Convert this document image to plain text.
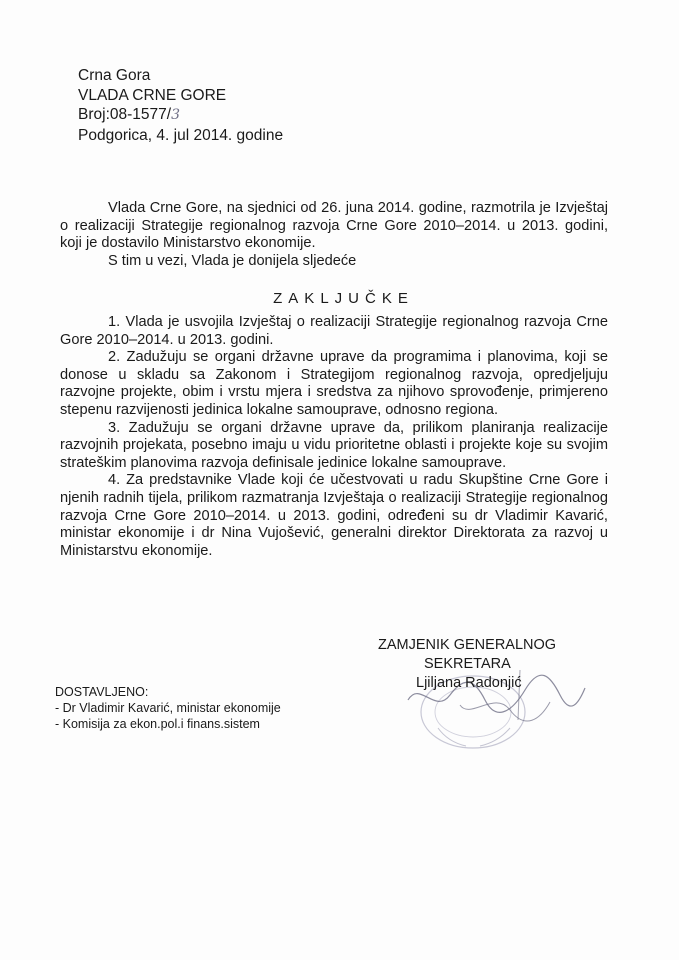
Crna Gora
VLADA CRNE GORE
Broj:08-1577/3
Podgorica, 4. jul 2014. godine

Vlada Crne Gore, na sjednici od 26. juna 2014. godine, razmotrila je Izvještaj o realizaciji Strategije regionalnog razvoja Crne Gore 2010–2014. u 2013. godini, koji je dostavilo Ministarstvo ekonomije.

S tim u vezi, Vlada je donijela sljedeće

ZAKLJUČKE

1. Vlada je usvojila Izvještaj o realizaciji Strategije regionalnog razvoja Crne Gore 2010–2014. u 2013. godini.

2. Zadužuju se organi državne uprave da programima i planovima, koji se donose u skladu sa Zakonom i Strategijom regionalnog razvoja, opredjeljuju razvojne projekte, obim i vrstu mjera i sredstva za njihovo sprovođenje, primjereno stepenu razvijenosti jedinica lokalne samouprave, odnosno regiona.

3. Zadužuju se organi državne uprave da, prilikom planiranja realizacije razvojnih projekata, posebno imaju u vidu prioritetne oblasti i projekte koje su svojim strateškim planovima razvoja definisale jedinice lokalne samouprave.

4. Za predstavnike Vlade koji će učestvovati u radu Skupštine Crne Gore i njenih radnih tijela, prilikom razmatranja Izvještaja o realizaciji Strategije regionalnog razvoja Crne Gore 2010–2014. u 2013. godini, određeni su dr Vladimir Kavarić, ministar ekonomije i dr Nina Vujošević, generalni direktor Direktorata za razvoj u Ministarstvu ekonomije.

ZAMJENIK GENERALNOG
SEKRETARA
Ljiljana Radonjić
DOSTAVLJENO:
- Dr Vladimir Kavarić, ministar ekonomije
- Komisija za ekon.pol.i finans.sistem
